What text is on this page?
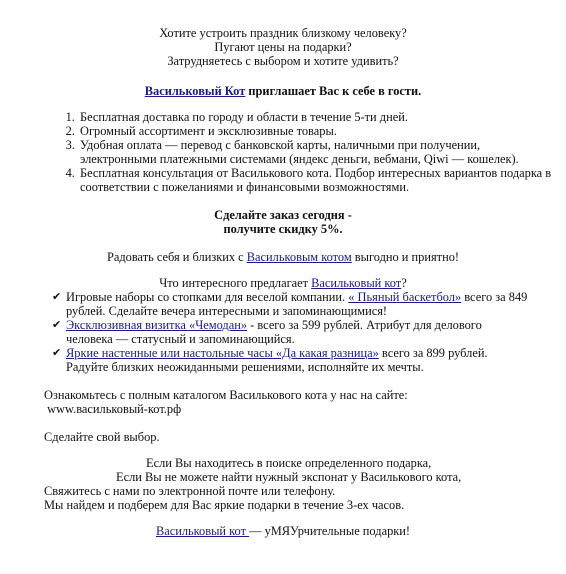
Хотите устроить праздник близкому человеку?
Пугают цены на подарки?
Затрудняетесь с выбором и хотите удивить?
Васильковый Кот приглашает Вас к себе в гости.
1. Бесплатная доставка по городу и области в течение 5-ти дней.
2. Огромный ассортимент и эксклюзивные товары.
3. Удобная оплата — перевод с банковской карты, наличными при получении, электронными платежными системами (яндекс деньги, вебмани, Qiwi — кошелек).
4. Бесплатная консультация от Василькового кота. Подбор интересных вариантов подарка в соответствии с пожеланиями и финансовыми возможностями.
Сделайте заказ сегодня -
получите скидку 5%.
Радовать себя и близких с Васильковым котом выгодно и приятно!
Что интересного предлагает Васильковый кот?
✔ Игровые наборы со стопками для веселой компании. « Пьяный баскетбол» всего за 849 рублей. Сделайте вечера интересными и запоминающимися!
✔ Эксклюзивная визитка «Чемодан» - всего за 599 рублей. Атрибут для делового человека — статусный и запоминающийся.
✔ Яркие настенные или настольные часы «Да какая разница» всего за 899 рублей. Радуйте близких неожиданными решениями, исполняйте их мечты.
Ознакомьтесь с полным каталогом Василькового кота у нас на сайте:
www.васильковый-кот.рф
Сделайте свой выбор.
Если Вы находитесь в поиске определенного подарка,
Если Вы не можете найти нужный экспонат у Василькового кота,
Свяжитесь с нами по электронной почте или телефону.
Мы найдем и подберем для Вас яркие подарки в течение 3-ех часов.
Васильковый кот — уМЯУрчительные подарки!
